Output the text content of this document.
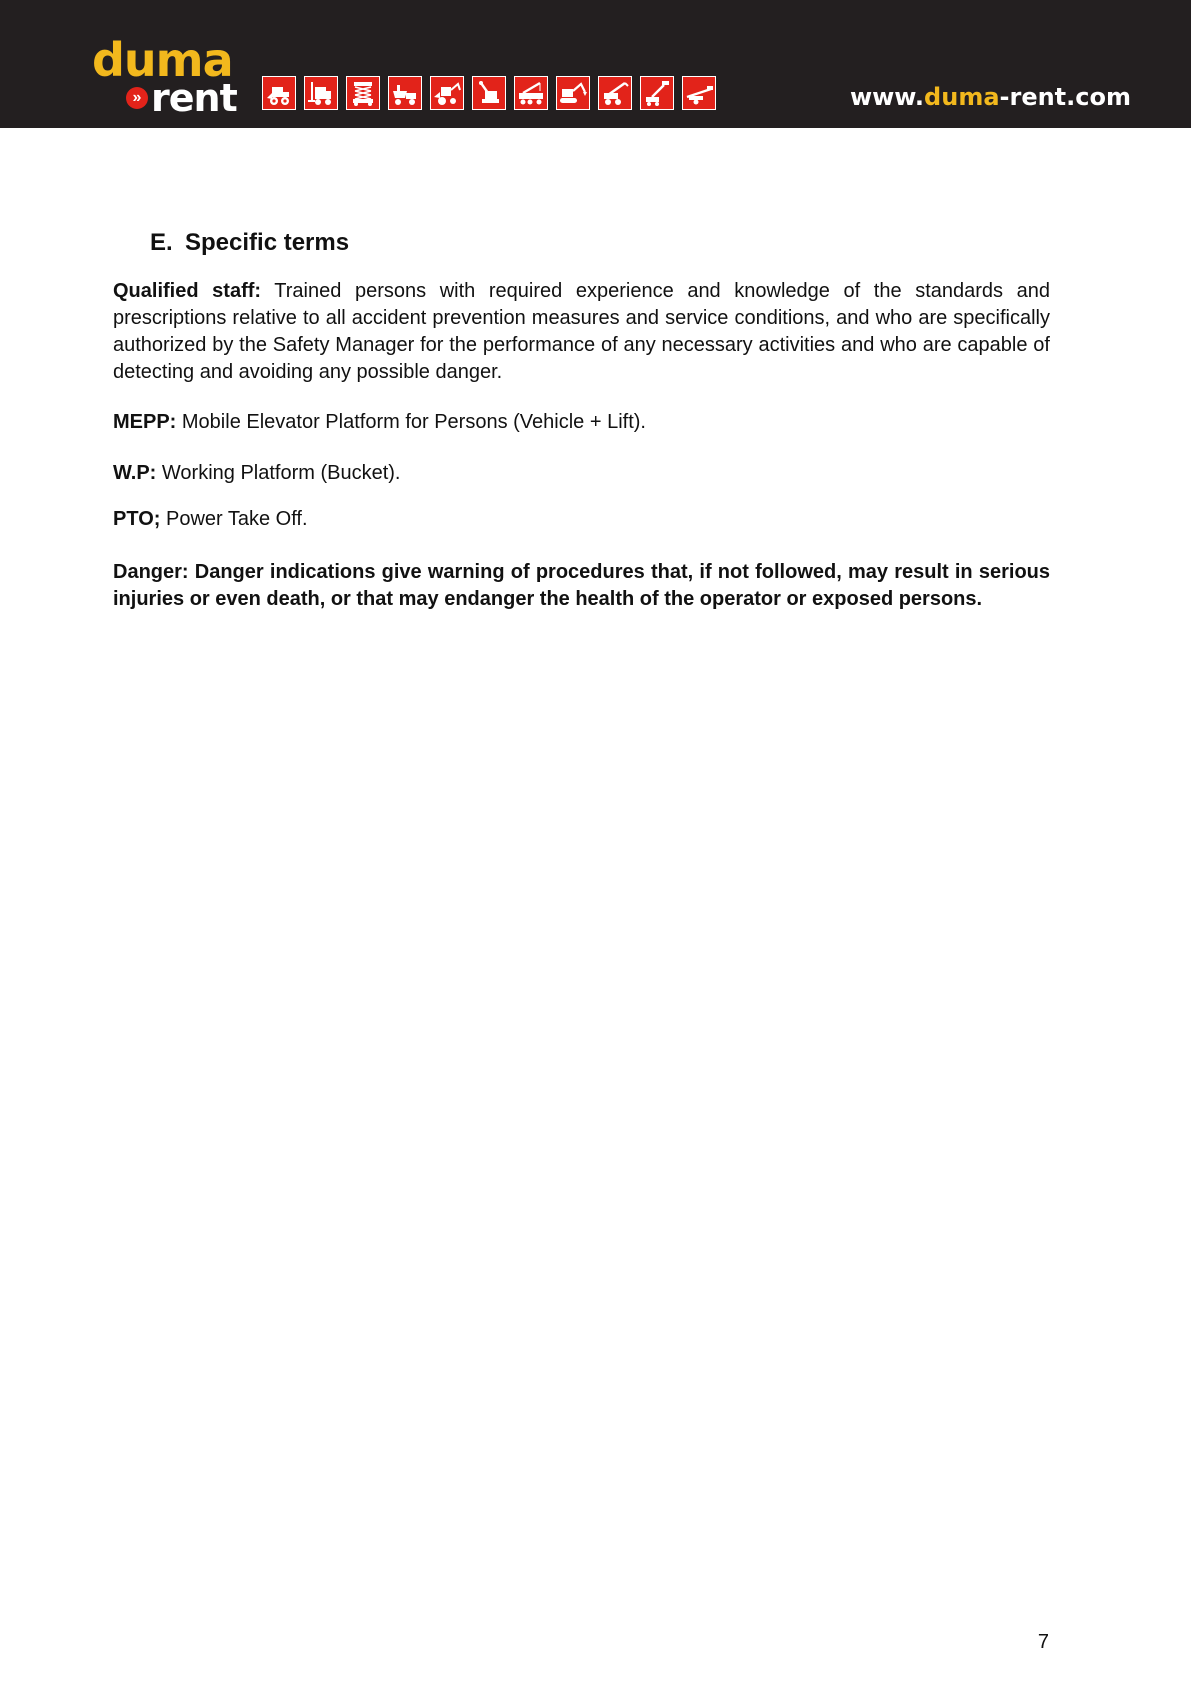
duma
» rent	www.duma-rent.com
E. Specific terms

Qualified staff: Trained persons with required experience and knowledge of the standards and prescriptions relative to all accident prevention measures and service conditions, and who are specifically authorized by the Safety Manager for the performance of any necessary activities and who are capable of detecting and avoiding any possible danger.

MEPP: Mobile Elevator Platform for Persons (Vehicle + Lift).

W.P: Working Platform (Bucket).

PTO; Power Take Off.

Danger: Danger indications give warning of procedures that, if not followed, may result in serious injuries or even death, or that may endanger the health of the operator or exposed persons.

7
